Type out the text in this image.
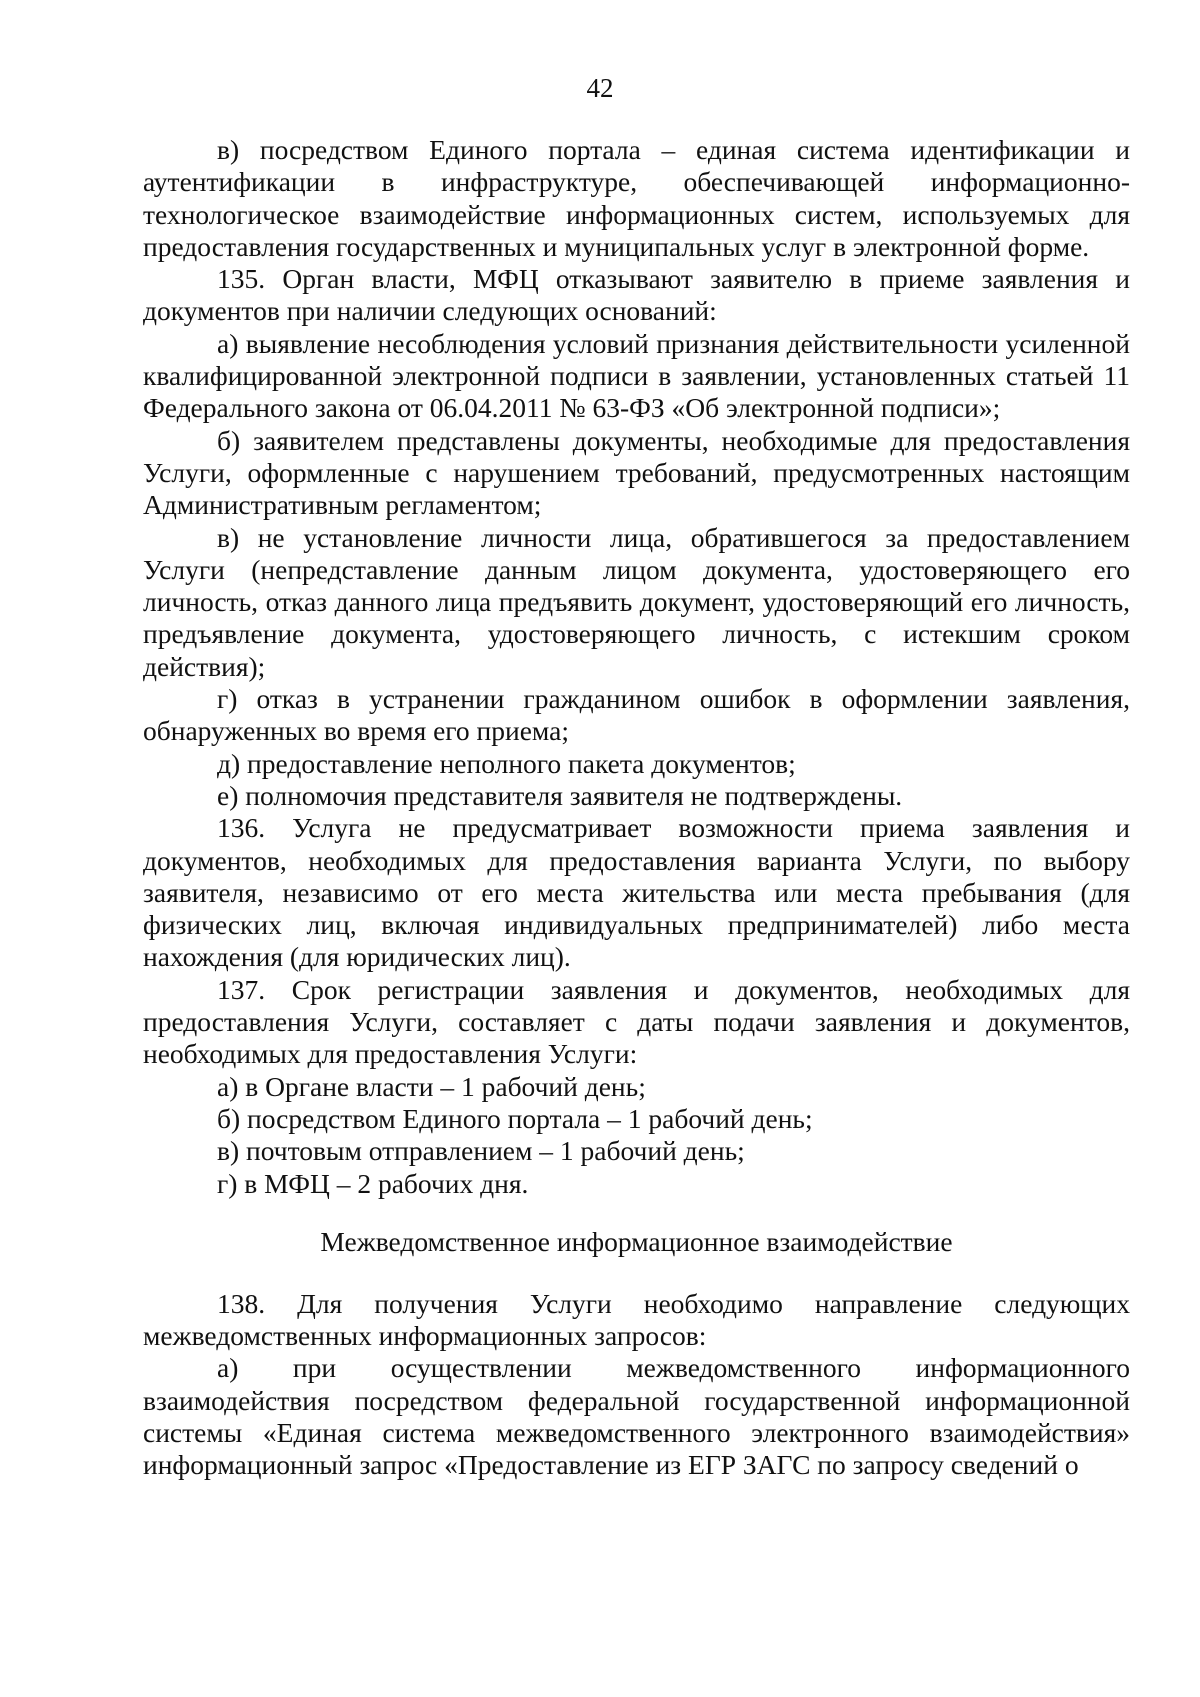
42

в) посредством Единого портала – единая система идентификации и аутентификации в инфраструктуре, обеспечивающей информационно-технологическое взаимодействие информационных систем, используемых для предоставления государственных и муниципальных услуг в электронной форме.

135. Орган власти, МФЦ отказывают заявителю в приеме заявления и документов при наличии следующих оснований:

а) выявление несоблюдения условий признания действительности усиленной квалифицированной электронной подписи в заявлении, установленных статьей 11 Федерального закона от 06.04.2011 № 63-ФЗ «Об электронной подписи»;

б) заявителем представлены документы, необходимые для предоставления Услуги, оформленные с нарушением требований, предусмотренных настоящим Административным регламентом;

в) не установление личности лица, обратившегося за предоставлением Услуги (непредставление данным лицом документа, удостоверяющего его личность, отказ данного лица предъявить документ, удостоверяющий его личность, предъявление документа, удостоверяющего личность, с истекшим сроком действия);

г) отказ в устранении гражданином ошибок в оформлении заявления, обнаруженных во время его приема;

д) предоставление неполного пакета документов;

е) полномочия представителя заявителя не подтверждены.

136. Услуга не предусматривает возможности приема заявления и документов, необходимых для предоставления варианта Услуги, по выбору заявителя, независимо от его места жительства или места пребывания (для физических лиц, включая индивидуальных предпринимателей) либо места нахождения (для юридических лиц).

137. Срок регистрации заявления и документов, необходимых для предоставления Услуги, составляет с даты подачи заявления и документов, необходимых для предоставления Услуги:

а) в Органе власти – 1 рабочий день;

б) посредством Единого портала – 1 рабочий день;

в) почтовым отправлением – 1 рабочий день;

г) в МФЦ – 2 рабочих дня.

Межведомственное информационное взаимодействие

138. Для получения Услуги необходимо направление следующих межведомственных информационных запросов:

а) при осуществлении межведомственного информационного взаимодействия посредством федеральной государственной информационной системы «Единая система межведомственного электронного взаимодействия» информационный запрос «Предоставление из ЕГР ЗАГС по запросу сведений о
